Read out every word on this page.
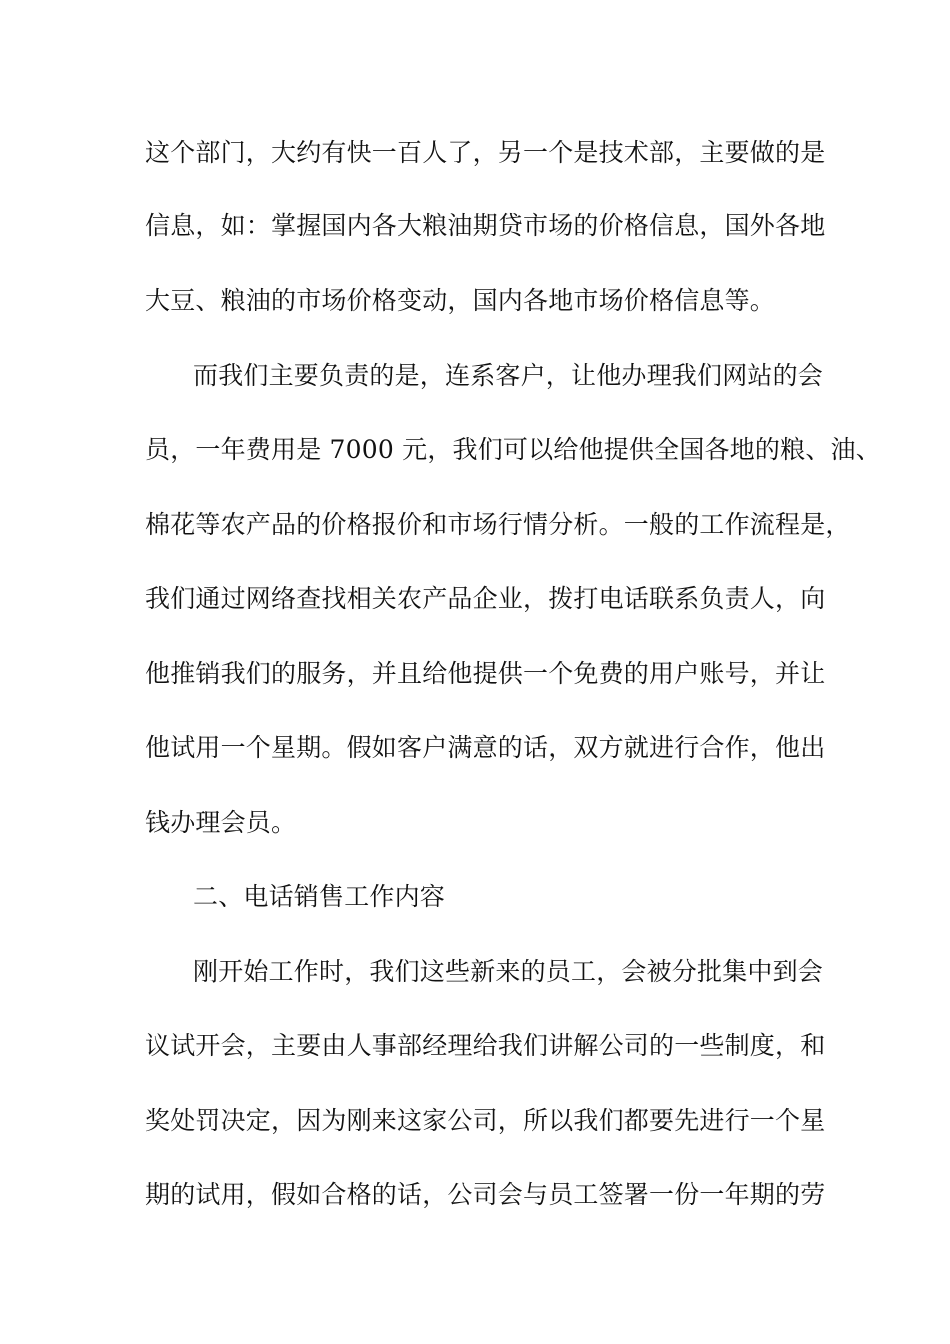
这个部门，大约有快一百人了，另一个是技术部，主要做的是
信息，如：掌握国内各大粮油期贷市场的价格信息，国外各地
大豆、粮油的市场价格变动，国内各地市场价格信息等。
而我们主要负责的是，连系客户，让他办理我们网站的会
员，一年费用是 7000 元，我们可以给他提供全国各地的粮、油、
棉花等农产品的价格报价和市场行情分析。一般的工作流程是，
我们通过网络查找相关农产品企业，拨打电话联系负责人，向
他推销我们的服务，并且给他提供一个免费的用户账号，并让
他试用一个星期。假如客户满意的话，双方就进行合作，他出
钱办理会员。
二、电话销售工作内容
刚开始工作时，我们这些新来的员工，会被分批集中到会
议试开会，主要由人事部经理给我们讲解公司的一些制度，和
奖处罚决定，因为刚来这家公司，所以我们都要先进行一个星
期的试用，假如合格的话，公司会与员工签署一份一年期的劳
